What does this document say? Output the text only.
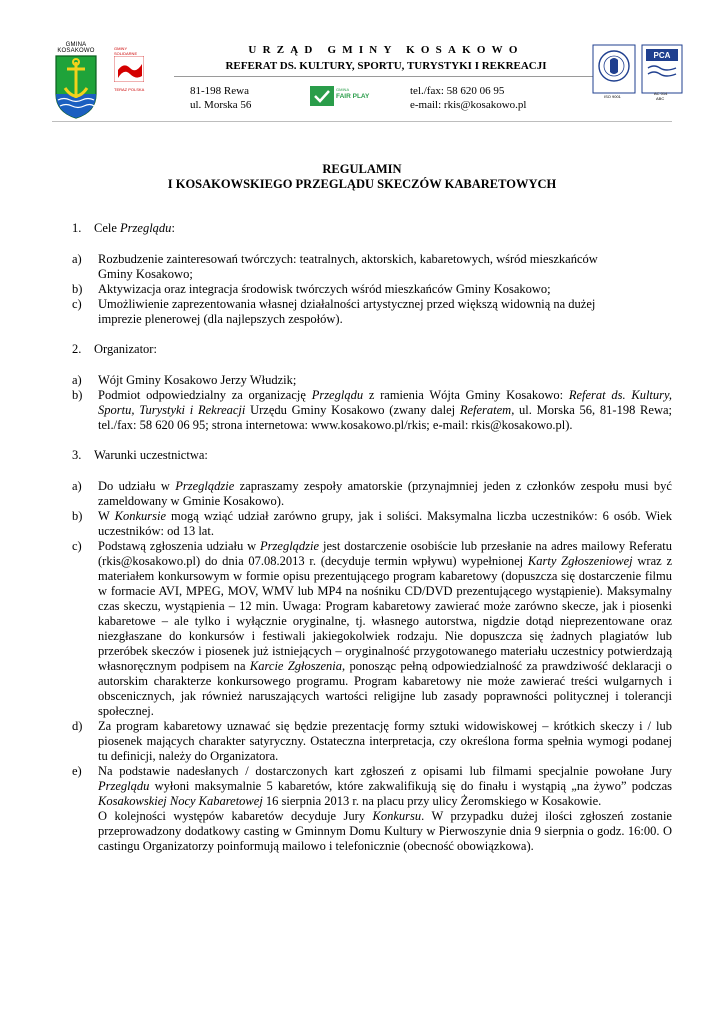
GMINA KOSAKOWO	GMINY SOLIDARNE
TERAZ POLSKA
URZĄD GMINY KOSAKOWO
REFERAT DS. KULTURY, SPORTU, TURYSTYKI I REKREACJI
81-198 Rewa
ul. Morska 56
GMINA
FAIR PLAY	tel./fax: 58 620 06 95
e-mail: rkis@kosakowo.pl
PCA
ISO 9001
AC 014
ABC
REGULAMIN
I KOSAKOWSKIEGO PRZEGLĄDU SKECZÓW KABARETOWYCH
1. Cele Przeglądu:
a) Rozbudzenie zainteresowań twórczych: teatralnych, aktorskich, kabaretowych, wśród mieszkańców
Gminy Kosakowo;
b) Aktywizacja oraz integracja środowisk twórczych wśród mieszkańców Gminy Kosakowo;
c) Umożliwienie zaprezentowania własnej działalności artystycznej przed większą widownią na dużej
imprezie plenerowej (dla najlepszych zespołów).
2. Organizator:
a) Wójt Gminy Kosakowo Jerzy Włudzik;
b) Podmiot odpowiedzialny za organizację Przeglądu z ramienia Wójta Gminy Kosakowo: Referat ds. Kultury, Sportu, Turystyki i Rekreacji Urzędu Gminy Kosakowo (zwany dalej Referatem, ul. Morska 56, 81-198 Rewa; tel./fax: 58 620 06 95; strona internetowa: www.kosakowo.pl/rkis; e-mail: rkis@kosakowo.pl).

3. Warunki uczestnictwa:
a) Do udziału w Przeglądzie zapraszamy zespoły amatorskie (przynajmniej jeden z członków zespołu musi być zameldowany w Gminie Kosakowo).

b) W Konkursie mogą wziąć udział zarówno grupy, jak i soliści. Maksymalna liczba uczestników: 6 osób. Wiek uczestników: od 13 lat.

c) Podstawą zgłoszenia udziału w Przeglądzie jest dostarczenie osobiście lub przesłanie na adres mailowy Referatu (rkis@kosakowo.pl) do dnia 07.08.2013 r. (decyduje termin wpływu) wypełnionej Karty Zgłoszeniowej wraz z materiałem konkursowym w formie opisu prezentującego program kabaretowy (dopuszcza się dostarczenie filmu w formacie AVI, MPEG, MOV, WMV lub MP4 na nośniku CD/DVD prezentującego wystąpienie). Maksymalny czas skeczu, wystąpienia – 12 min. Uwaga: Program kabaretowy zawierać może zarówno skecze, jak i piosenki kabaretowe – ale tylko i wyłącznie oryginalne, tj. własnego autorstwa, nigdzie dotąd nieprezentowane oraz niezgłaszane do konkursów i festiwali jakiegokolwiek rodzaju. Nie dopuszcza się żadnych plagiatów lub przeróbek skeczów i piosenek już istniejących – oryginalność przygotowanego materiału uczestnicy potwierdzają własnoręcznym podpisem na Karcie Zgłoszenia, ponosząc pełną odpowiedzialność za prawdziwość deklaracji o autorskim charakterze konkursowego programu. Program kabaretowy nie może zawierać treści wulgarnych i obscenicznych, jak również naruszających wartości religijne lub zasady poprawności politycznej i tolerancji społecznej.

d) Za program kabaretowy uznawać się będzie prezentację formy sztuki widowiskowej – krótkich skeczy i / lub piosenek mających charakter satyryczny. Ostateczna interpretacja, czy określona forma spełnia wymogi podanej tu definicji, należy do Organizatora.

e) Na podstawie nadesłanych / dostarczonych kart zgłoszeń z opisami lub filmami specjalnie powołane Jury Przeglądu wyłoni maksymalnie 5 kabaretów, które zakwalifikują się do finału i wystąpią „na żywo” podczas Kosakowskiej Nocy Kabaretowej 16 sierpnia 2013 r. na placu przy ulicy Żeromskiego w Kosakowie.

O kolejności występów kabaretów decyduje Jury Konkursu. W przypadku dużej ilości zgłoszeń zostanie przeprowadzony dodatkowy casting w Gminnym Domu Kultury w Pierwoszynie dnia 9 sierpnia o godz. 16:00. O castingu Organizatorzy poinformują mailowo i telefonicznie (obecność obowiązkowa).
